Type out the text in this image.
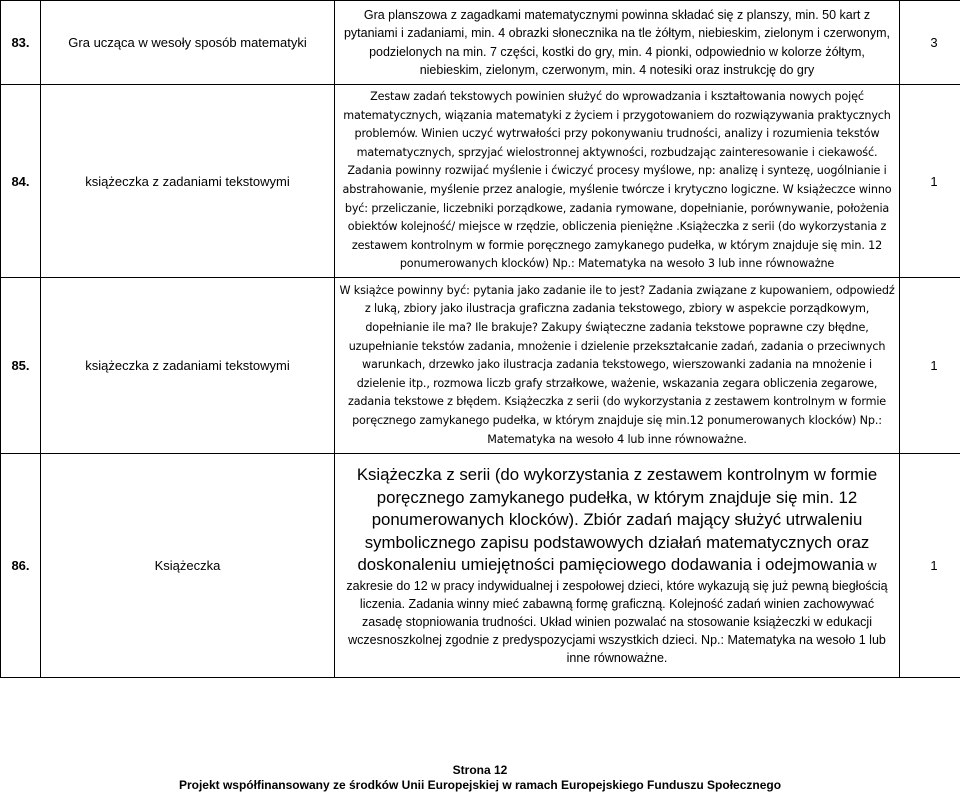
83.	Gra ucząca w wesoły sposób matematyki	Gra planszowa z zagadkami matematycznymi powinna składać się z planszy, min. 50 kart z pytaniami i zadaniami, min. 4 obrazki słonecznika na tle żółtym, niebieskim, zielonym i czerwonym, podzielonych na min. 7 części, kostki do gry, min. 4 pionki, odpowiednio w kolorze żółtym, niebieskim, zielonym, czerwonym, min. 4 notesiki oraz instrukcję do gry	3
84.	książeczka z zadaniami tekstowymi	Zestaw zadań tekstowych powinien służyć do wprowadzania i kształtowania nowych pojęć matematycznych, wiązania matematyki z życiem i przygotowaniem do rozwiązywania praktycznych problemów. Winien uczyć wytrwałości przy pokonywaniu trudności, analizy i rozumienia tekstów matematycznych, sprzyjać wielostronnej aktywności, rozbudzając zainteresowanie i ciekawość. Zadania powinny rozwijać myślenie i ćwiczyć procesy myślowe, np: analizę i syntezę, uogólnianie i abstrahowanie, myślenie przez analogie, myślenie twórcze i krytyczno logiczne. W książeczce winno być: przeliczanie, liczebniki porządkowe, zadania rymowane, dopełnianie, porównywanie, położenia obiektów kolejność/ miejsce w rzędzie, obliczenia pieniężne .Książeczka z serii (do wykorzystania z zestawem kontrolnym w formie poręcznego zamykanego pudełka, w którym znajduje się min. 12 ponumerowanych klocków) Np.: Matematyka na wesoło 3 lub inne równoważne	1
85.	książeczka z zadaniami tekstowymi	W książce powinny być: pytania jako zadanie ile to jest? Zadania związane z kupowaniem, odpowiedź z luką, zbiory jako ilustracja graficzna zadania tekstowego, zbiory w aspekcie porządkowym, dopełnianie ile ma? Ile brakuje? Zakupy świąteczne zadania tekstowe poprawne czy błędne, uzupełnianie tekstów zadania, mnożenie i dzielenie przekształcanie zadań, zadania o przeciwnych warunkach, drzewko jako ilustracja zadania tekstowego, wierszowanki zadania na mnożenie i dzielenie itp., rozmowa liczb grafy strzałkowe, ważenie, wskazania zegara obliczenia zegarowe, zadania tekstowe z błędem. Książeczka z serii (do wykorzystania z zestawem kontrolnym w formie poręcznego zamykanego pudełka, w którym znajduje się min.12 ponumerowanych klocków) Np.: Matematyka na wesoło 4 lub inne równoważne.	1
86.	Książeczka	Książeczka z serii (do wykorzystania z zestawem kontrolnym w formie poręcznego zamykanego pudełka, w którym znajduje się min. 12 ponumerowanych klocków). Zbiór zadań mający służyć utrwaleniu symbolicznego zapisu podstawowych działań matematycznych oraz doskonaleniu umiejętności pamięciowego dodawania i odejmowania w zakresie do 12 w pracy indywidualnej i zespołowej dzieci, które wykazują się już pewną biegłością liczenia. Zadania winny mieć zabawną formę graficzną. Kolejność zadań winien zachowywać zasadę stopniowania trudności. Układ winien pozwalać na stosowanie książeczki w edukacji wczesnoszkolnej zgodnie z predyspozycjami wszystkich dzieci. Np.: Matematyka na wesoło 1 lub inne równoważne.	1
Strona 12
Projekt współfinansowany ze środków Unii Europejskiej w ramach Europejskiego Funduszu Społecznego
